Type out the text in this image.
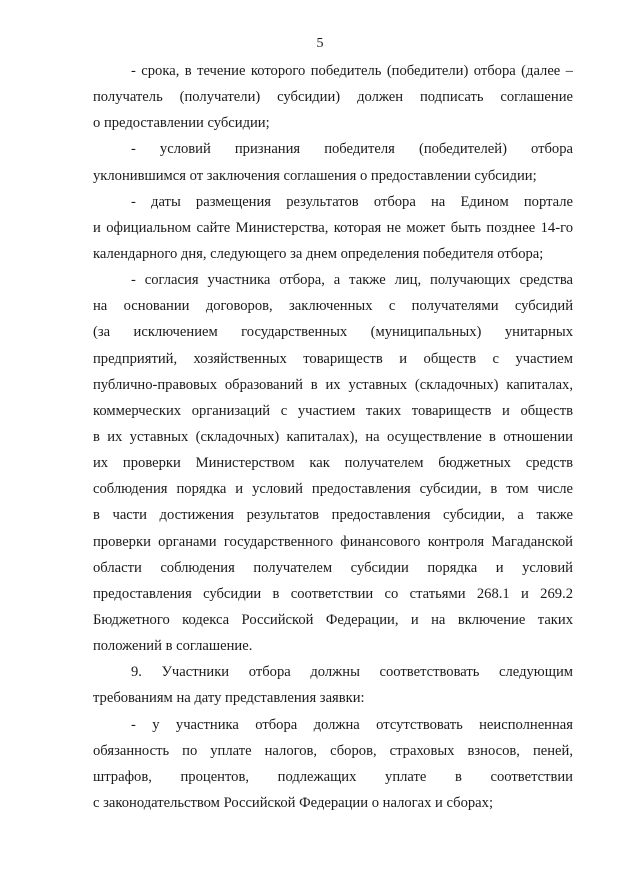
5
- срока, в течение которого победитель (победители) отбора (далее –
получатель (получатели) субсидии) должен подписать соглашение
о предоставлении субсидии;
- условий признания победителя (победителей) отбора
уклонившимся от заключения соглашения о предоставлении субсидии;
- даты размещения результатов отбора на Едином портале
и официальном сайте Министерства, которая не может быть позднее 14-го
календарного дня, следующего за днем определения победителя отбора;
- согласия участника отбора, а также лиц, получающих средства
на основании договоров, заключенных с получателями субсидий
(за исключением государственных (муниципальных) унитарных
предприятий, хозяйственных товариществ и обществ с участием
публично-правовых образований в их уставных (складочных) капиталах,
коммерческих организаций с участием таких товариществ и обществ
в их уставных (складочных) капиталах), на осуществление в отношении
их проверки Министерством как получателем бюджетных средств
соблюдения порядка и условий предоставления субсидии, в том числе
в части достижения результатов предоставления субсидии, а также
проверки органами государственного финансового контроля Магаданской
области соблюдения получателем субсидии порядка и условий
предоставления субсидии в соответствии со статьями 268.1 и 269.2
Бюджетного кодекса Российской Федерации, и на включение таких
положений в соглашение.
9. Участники отбора должны соответствовать следующим
требованиям на дату представления заявки:
- у участника отбора должна отсутствовать неисполненная
обязанность по уплате налогов, сборов, страховых взносов, пеней,
штрафов, процентов, подлежащих уплате в соответствии
с законодательством Российской Федерации о налогах и сборах;
